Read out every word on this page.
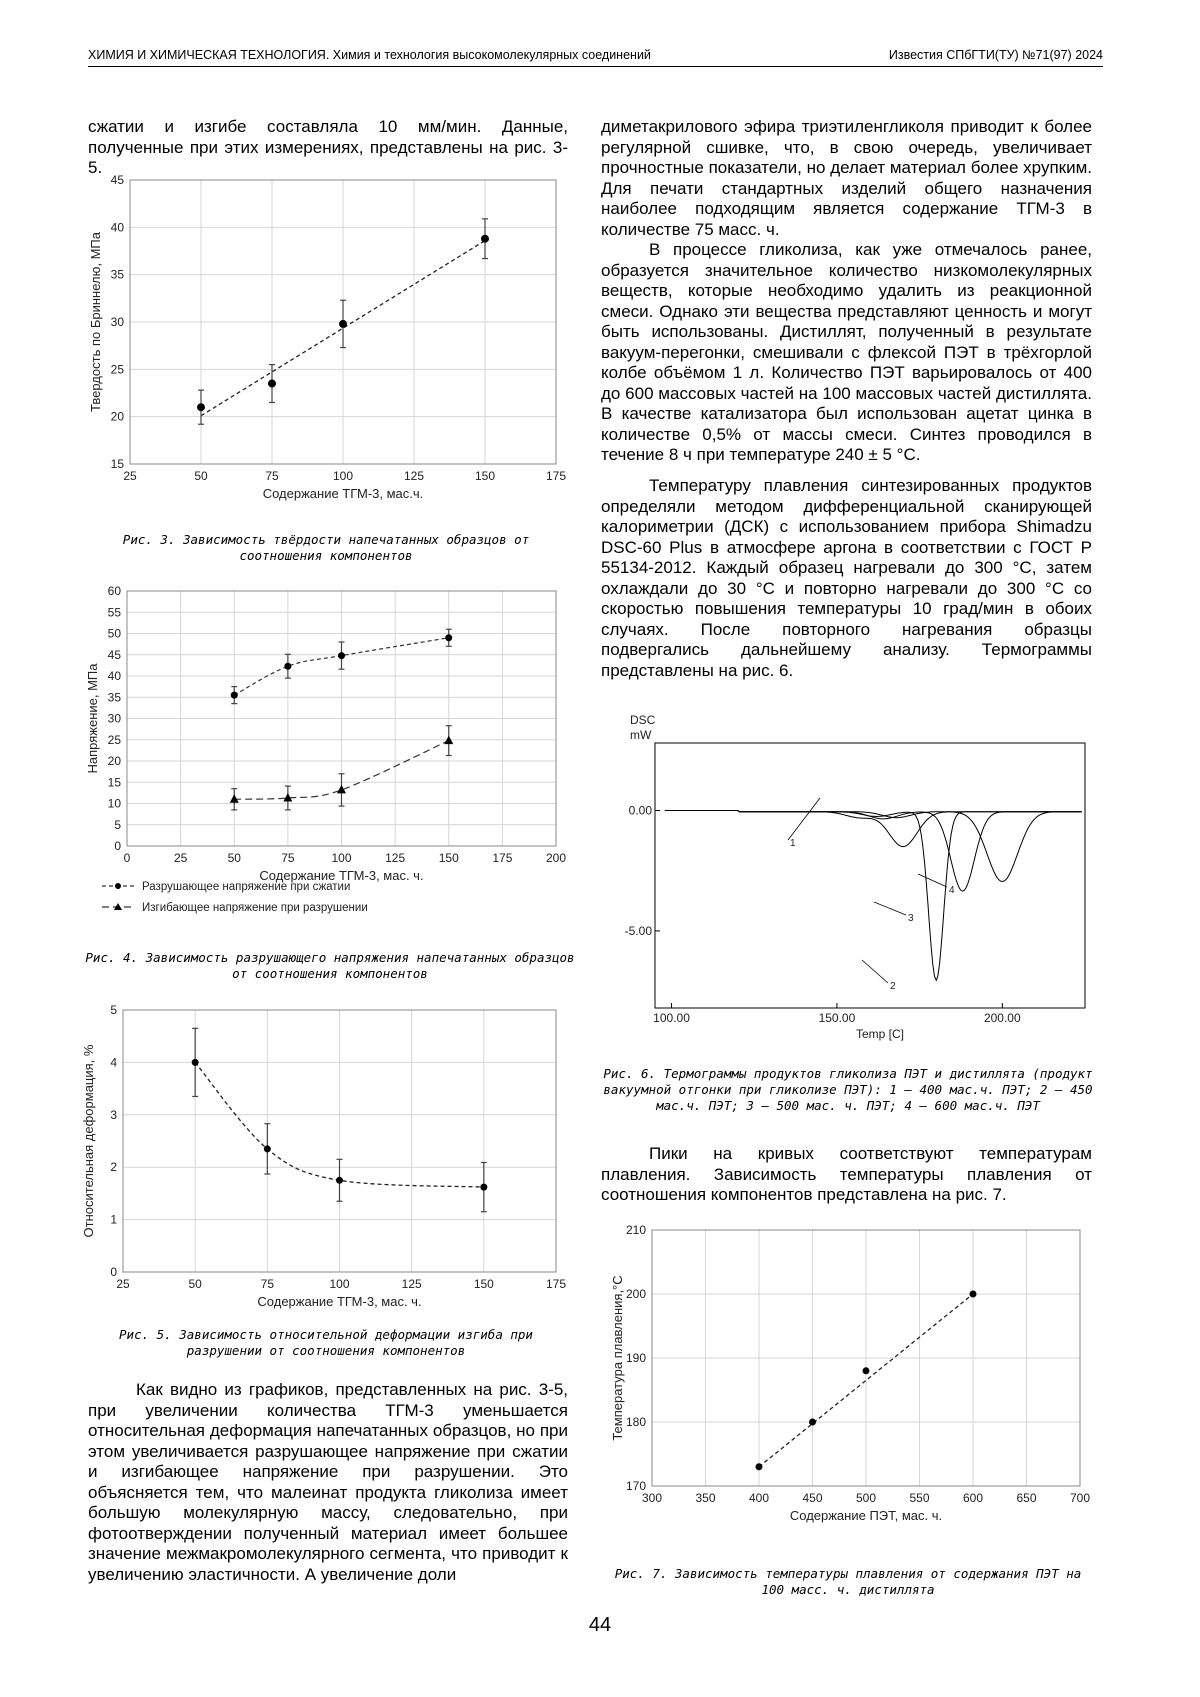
ХИМИЯ И ХИМИЧЕСКАЯ ТЕХНОЛОГИЯ. Химия и технология высокомолекулярных соединений	Известия СПбГТИ(ТУ) №71(97) 2024

сжатии и изгибе составляла 10 мм/мин. Данные, полученные при этих измерениях, представлены на рис. 3-5.

25	50	75	100	125	150	175
15
20
25
30
35
40
45
Содержание ТГМ-3, мас.ч.
Твердость по Бриннелю, МПа

Рис. 3. Зависимость твёрдости напечатанных образцов от соотношения компонентов

0	25	50	75	100	125	150	175	200
0
5
10
15
20
25
30
35
40
45
50
55
60
Содержание ТГМ-3, мас. ч.
Напряжение, МПа
Разрушающее напряжение при сжатии
Изгибающее напряжение при разрушении

Рис. 4. Зависимость разрушающего напряжения напечатанных образцов от соотношения компонентов

25	50	75	100	125	150	175
0
1
2
3
4
5
Содержание ТГМ-3, мас. ч.
Относительная деформация, %

Рис. 5. Зависимость относительной деформации изгиба при разрушении от соотношения компонентов

Как видно из графиков, представленных на рис. 3-5, при увеличении количества ТГМ-3 уменьшается относительная деформация напечатанных образцов, но при этом увеличивается разрушающее напряжение при сжатии и изгибающее напряжение при разрушении. Это объясняется тем, что малеинат продукта гликолиза имеет большую молекулярную массу, следовательно, при фотоотверждении полученный материал имеет большее значение межмакромолекулярного сегмента, что приводит к увеличению эластичности. А увеличение доли

диметакрилового эфира триэтиленгликоля приводит к более регулярной сшивке, что, в свою очередь, увеличивает прочностные показатели, но делает материал более хрупким. Для печати стандартных изделий общего назначения наиболее подходящим является содержание ТГМ-3 в количестве 75 масс. ч.

В процессе гликолиза, как уже отмечалось ранее, образуется значительное количество низкомолекулярных веществ, которые необходимо удалить из реакционной смеси. Однако эти вещества представляют ценность и могут быть использованы. Дистиллят, полученный в результате вакуум-перегонки, смешивали с флексой ПЭТ в трёхгорлой колбе объёмом 1 л. Количество ПЭТ варьировалось от 400 до 600 массовых частей на 100 массовых частей дистиллята. В качестве катализатора был использован ацетат цинка в количестве 0,5% от массы смеси. Синтез проводился в течение 8 ч при температуре 240 ± 5 °С.

Температуру плавления синтезированных продуктов определяли методом дифференциальной сканирующей калориметрии (ДСК) с использованием прибора Shimadzu DSC-60 Plus в атмосфере аргона в соответствии с ГОСТ Р 55134-2012. Каждый образец нагревали до 300 °С, затем охлаждали до 30 °С и повторно нагревали до 300 °С со скоростью повышения температуры 10 град/мин в обоих случаях. После повторного нагревания образцы подвергались дальнейшему анализу. Термограммы представлены на рис. 6.

DSC
mW
0.00
-5.00
100.00	150.00	200.00
Temp [C]
1
2
3
4

Рис. 6. Термограммы продуктов гликолиза ПЭТ и дистиллята (продукт вакуумной отгонки при гликолизе ПЭТ): 1 – 400 мас.ч. ПЭТ; 2 – 450 мас.ч. ПЭТ; 3 – 500 мас. ч. ПЭТ; 4 – 600 мас.ч. ПЭТ

Пики на кривых соответствуют температурам плавления. Зависимость температуры плавления от соотношения компонентов представлена на рис. 7.

300	350	400	450	500	550	600	650	700
170
180
190
200
210
Содержание ПЭТ, мас. ч.
Температура плавления,°С

Рис. 7. Зависимость температуры плавления от содержания ПЭТ на 100 масс. ч. дистиллята

44
